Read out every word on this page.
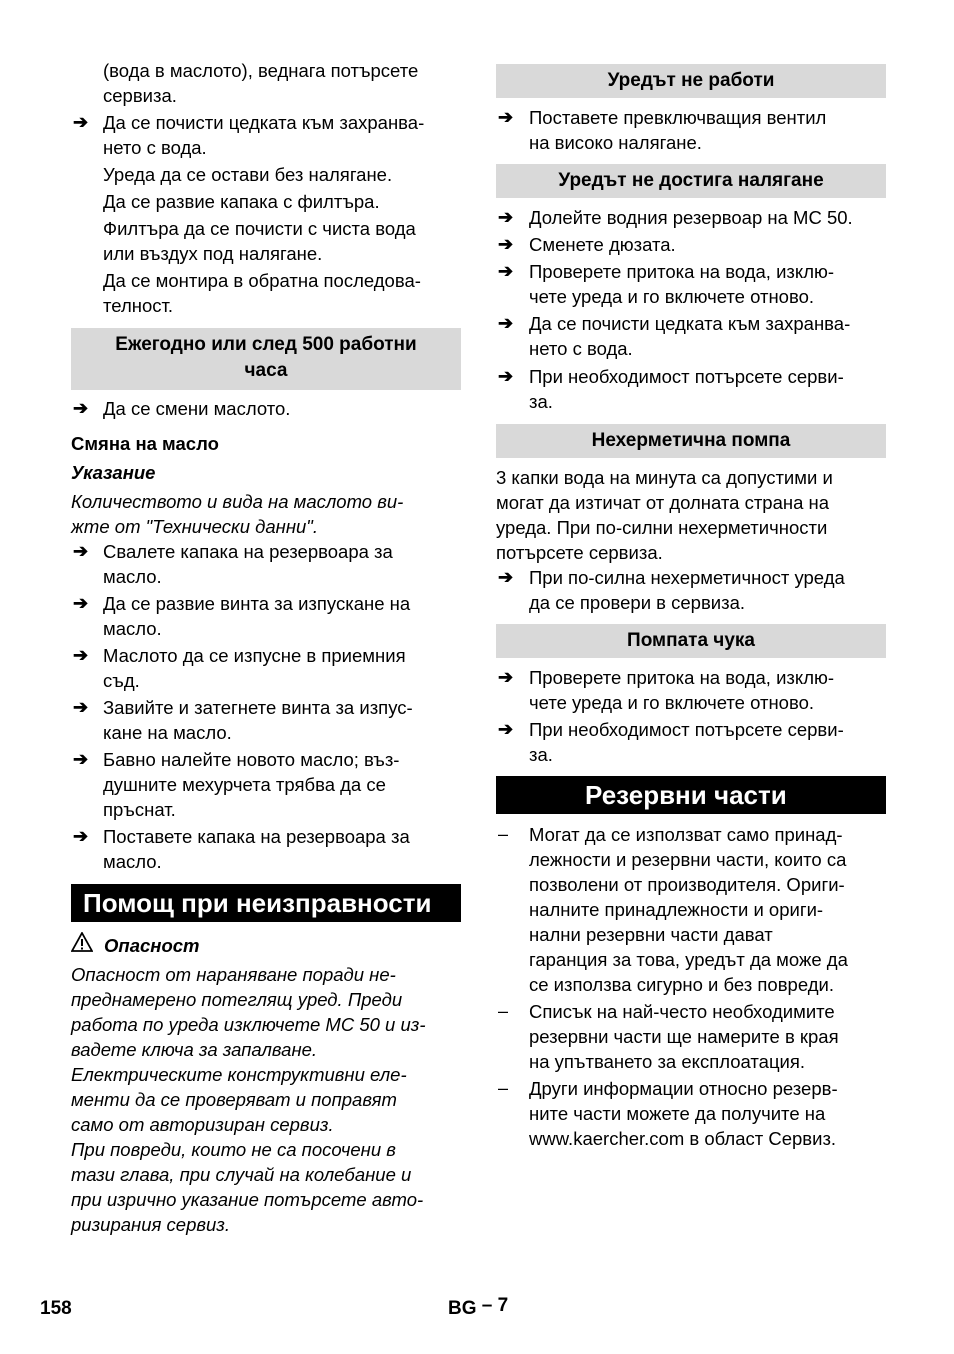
(вода в маслото), веднага потърсете
сервиза.
➔ Да се почисти цедката към захранва-
нето с вода.
Уреда да се остави без налягане.
Да се развие капака с филтъра.
Филтъра да се почисти с чиста вода
или въздух под налягане.
Да се монтира в обратна последова-
телност.
Ежегодно или след 500 работни
часа
➔ Да се смени маслото.
Смяна на масло
Указание
Количеството и вида на маслото ви-
жте от "Технически данни".
➔ Свалете капака на резервоара за
масло.
➔ Да се развие винта за изпускане на
масло.
➔ Маслото да се изпусне в приемния
съд.
➔ Завийте и затегнете винта за изпус-
кане на масло.
➔ Бавно налейте новото масло; въз-
душните мехурчета трябва да се
пръснат.
➔ Поставете капака на резервоара за
масло.
Помощ при неизправности
Опасност
Опасност от нараняване поради не-
преднамерено потеглящ уред. Преди
работа по уреда изключете МС 50 и из-
вадете ключа за запалване.
Електрическите конструктивни еле-
менти да се проверяват и поправят
само от авторизиран сервиз.
При повреди, които не са посочени в
тази глава, при случай на колебание и
при изрично указание потърсете авто-
ризирания сервиз.
Уредът не работи
➔ Поставете превключващия вентил
на високо налягане.
Уредът не достига налягане
➔ Долейте водния резервоар на MC 50.
➔ Сменете дюзата.
➔ Проверете притока на вода, изклю-
чете уреда и го включете отново.
➔ Да се почисти цедката към захранва-
нето с вода.
➔ При необходимост потърсете серви-
за.
Нехерметична помпа
3 капки вода на минута са допустими и
могат да изтичат от долната страна на
уреда. При по-силни нехерметичности
потърсете сервиза.
➔ При по-силна нехерметичност уреда
да се провери в сервиза.
Помпата чука
➔ Проверете притока на вода, изклю-
чете уреда и го включете отново.
➔ При необходимост потърсете серви-
за.
Резервни части
– Могат да се използват само принад-
лежности и резервни части, които са
позволени от производителя. Ориги-
налните принадлежности и ориги-
нални резервни части дават
гаранция за това, уредът да може да
се използва сигурно и без повреди.
– Списък на най-често необходимите
резервни части ще намерите в края
на упътването за експлоатация.
– Други информации относно резерв-
ните части можете да получите на
www.kaercher.com в област Сервиз.
158	BG – 7
